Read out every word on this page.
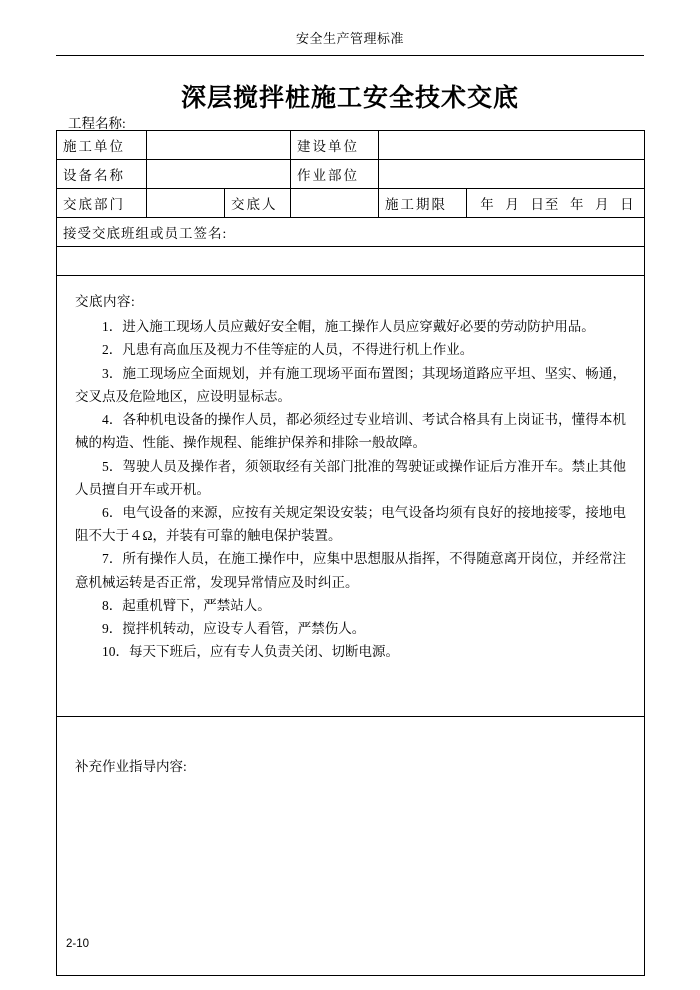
安全生产管理标准
深层搅拌桩施工安全技术交底
工程名称:
施工单位			建设单位	
设备名称			作业部位	
交底部门		交底人		施工期限	年 月 日至 年 月 日

接受交底班组或员工签名:				

交底内容:
1．进入施工现场人员应戴好安全帽，施工操作人员应穿戴好必要的劳动防护用品。
2．凡患有高血压及视力不佳等症的人员，不得进行机上作业。
3．施工现场应全面规划，并有施工现场平面布置图；其现场道路应平坦、坚实、畅通，交叉点及危险地区，应设明显标志。
4．各种机电设备的操作人员，都必须经过专业培训、考试合格具有上岗证书，懂得本机械的构造、性能、操作规程、能维护保养和排除一般故障。
5．驾驶人员及操作者，须领取经有关部门批准的驾驶证或操作证后方准开车。禁止其他人员擅自开车或开机。
6．电气设备的来源，应按有关规定架设安装；电气设备均须有良好的接地接零，接地电阻不大于４Ω，并装有可靠的触电保护装置。
7．所有操作人员，在施工操作中，应集中思想服从指挥，不得随意离开岗位，并经常注意机械运转是否正常，发现异常情应及时纠正。
8．起重机臂下，严禁站人。
9．搅拌机转动，应设专人看管，严禁伤人。
10．每天下班后，应有专人负责关闭、切断电源。

补充作业指导内容:				
2-10
